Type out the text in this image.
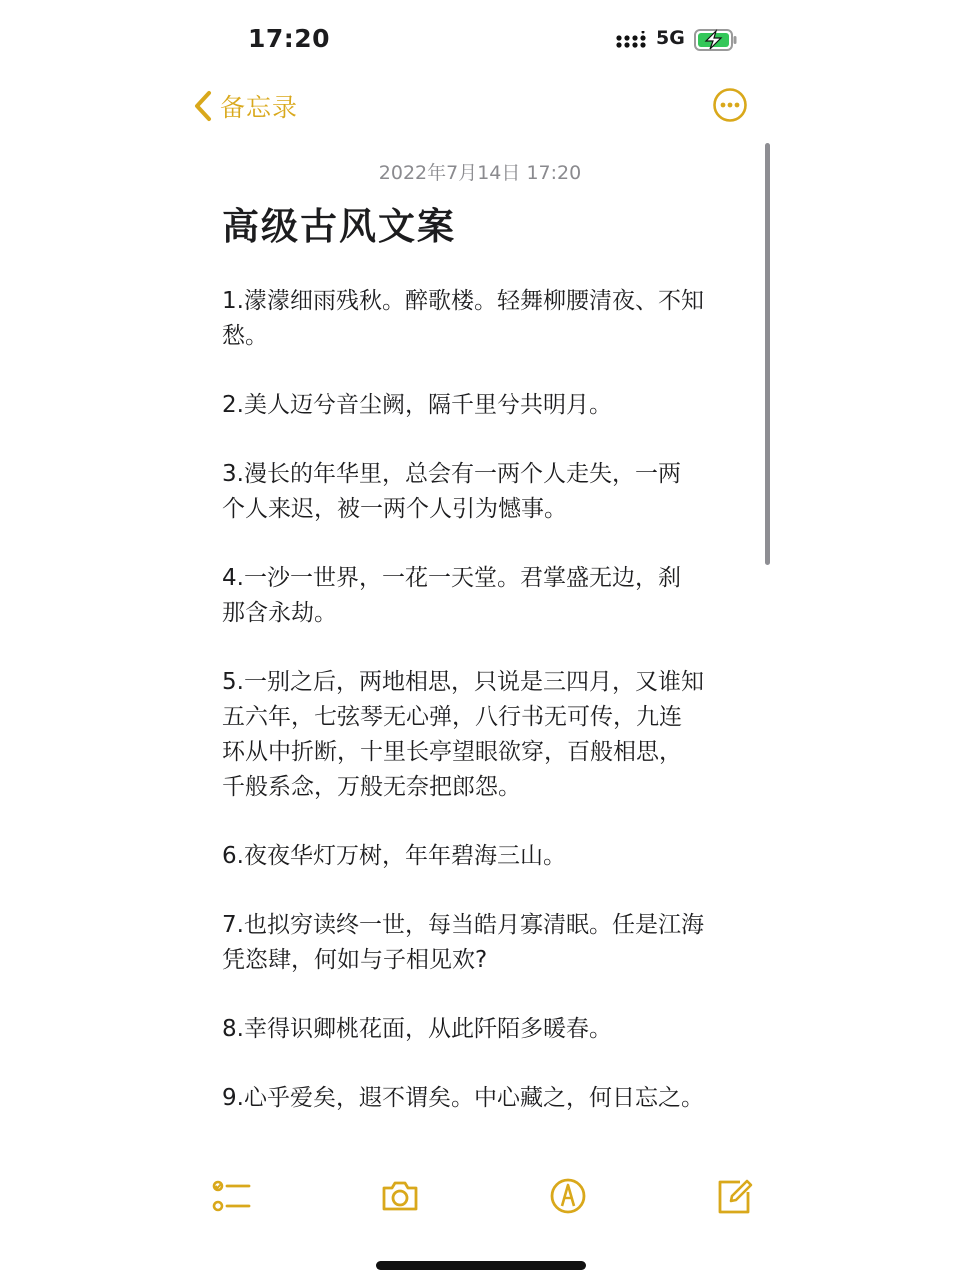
17:20	5G
备忘录
2022年7月14日 17:20
高级古风文案

1.濛濛细雨残秋。醉歌楼。轻舞柳腰清夜、不知
愁。

2.美人迈兮音尘阙，隔千里兮共明月。

3.漫长的年华里，总会有一两个人走失，一两
个人来迟，被一两个人引为憾事。

4.一沙一世界，一花一天堂。君掌盛无边，刹
那含永劫。

5.一别之后，两地相思，只说是三四月，又谁知
五六年，七弦琴无心弹，八行书无可传，九连
环从中折断，十里长亭望眼欲穿，百般相思，
千般系念，万般无奈把郎怨。

6.夜夜华灯万树，年年碧海三山。

7.也拟穷读终一世，每当皓月寡清眠。任是江海
凭恣肆，何如与子相见欢?

8.幸得识卿桃花面，从此阡陌多暖春。

9.心乎爱矣，遐不谓矣。中心藏之，何日忘之。
